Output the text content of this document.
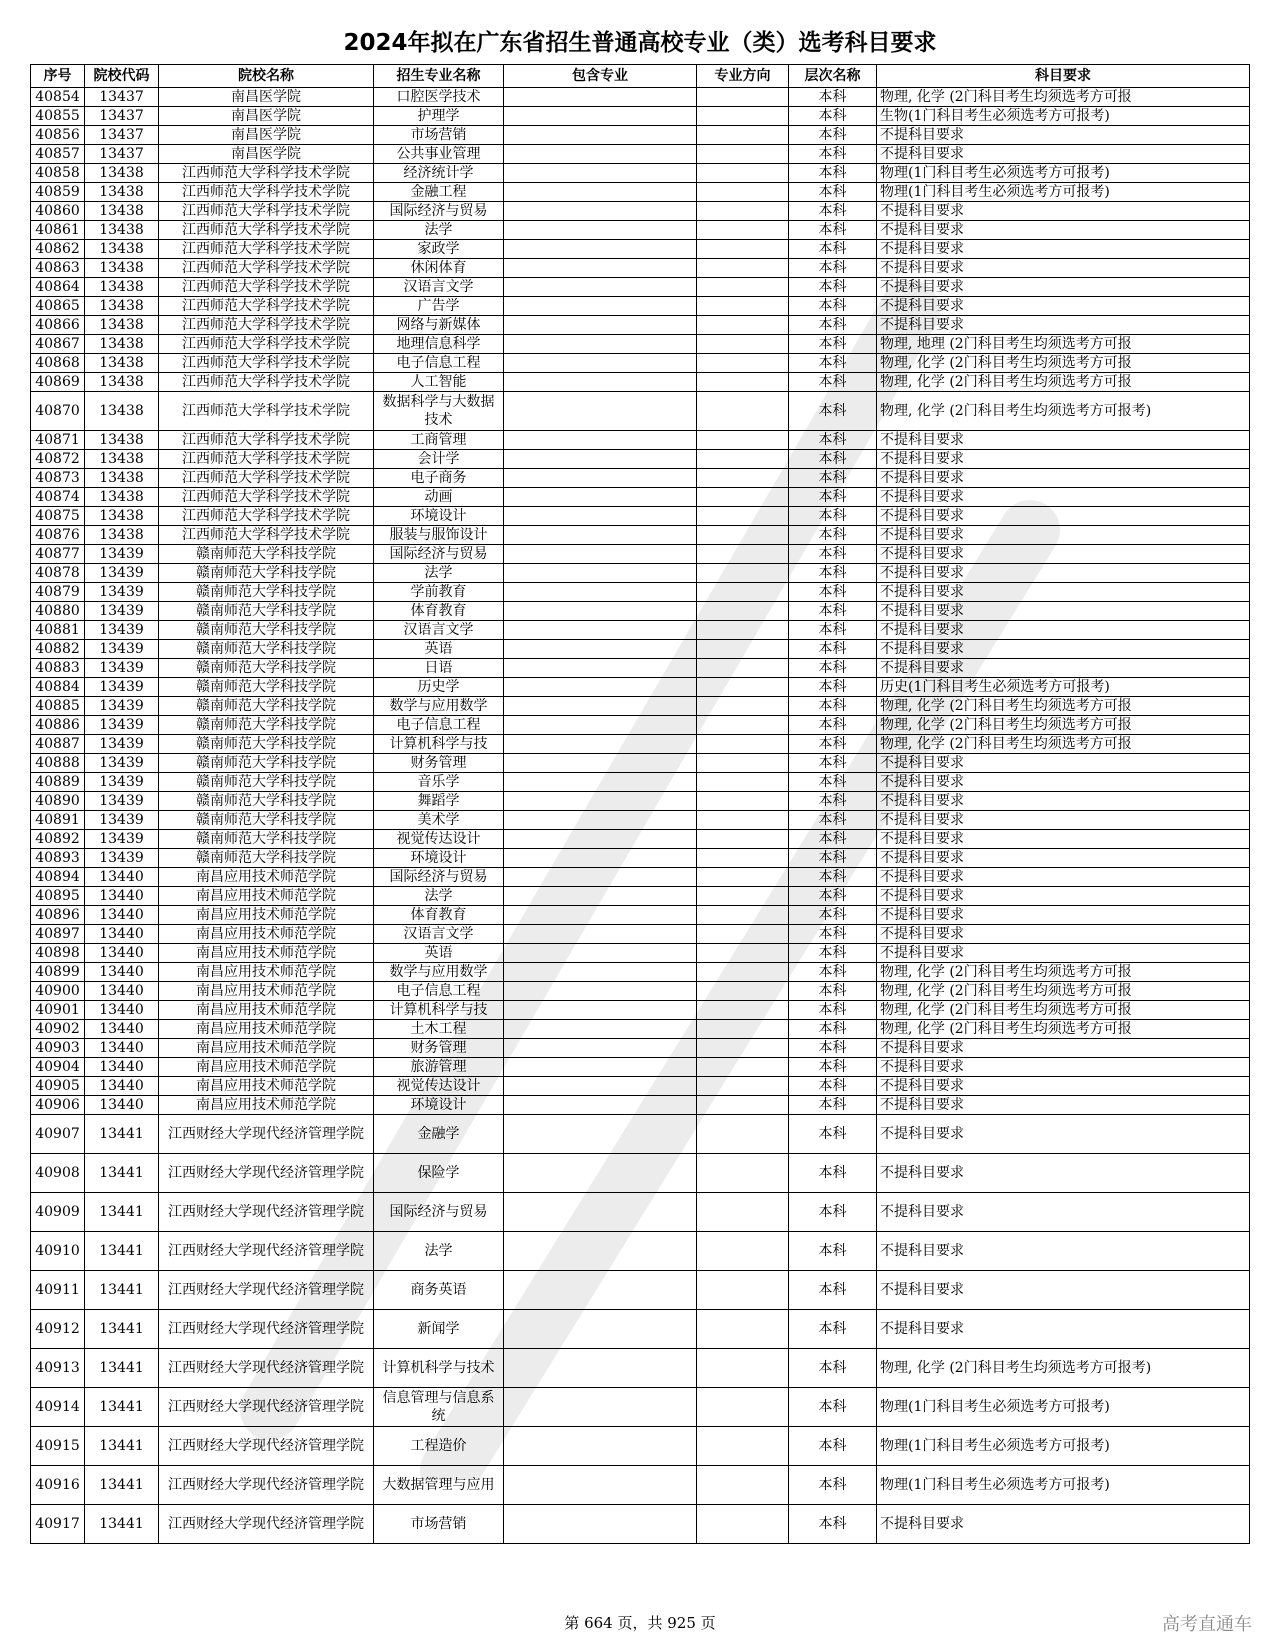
2024年拟在广东省招生普通高校专业（类）选考科目要求
序号	院校代码	院校名称	招生专业名称	包含专业	专业方向	层次名称	科目要求
40854	13437	南昌医学院	口腔医学技术			本科	物理, 化学 (2门科目考生均须选考方可报
40855	13437	南昌医学院	护理学			本科	生物(1门科目考生必须选考方可报考)
40856	13437	南昌医学院	市场营销			本科	不提科目要求
40857	13437	南昌医学院	公共事业管理			本科	不提科目要求
40858	13438	江西师范大学科学技术学院	经济统计学			本科	物理(1门科目考生必须选考方可报考)
40859	13438	江西师范大学科学技术学院	金融工程			本科	物理(1门科目考生必须选考方可报考)
40860	13438	江西师范大学科学技术学院	国际经济与贸易			本科	不提科目要求
40861	13438	江西师范大学科学技术学院	法学			本科	不提科目要求
40862	13438	江西师范大学科学技术学院	家政学			本科	不提科目要求
40863	13438	江西师范大学科学技术学院	休闲体育			本科	不提科目要求
40864	13438	江西师范大学科学技术学院	汉语言文学			本科	不提科目要求
40865	13438	江西师范大学科学技术学院	广告学			本科	不提科目要求
40866	13438	江西师范大学科学技术学院	网络与新媒体			本科	不提科目要求
40867	13438	江西师范大学科学技术学院	地理信息科学			本科	物理, 地理 (2门科目考生均须选考方可报
40868	13438	江西师范大学科学技术学院	电子信息工程			本科	物理, 化学 (2门科目考生均须选考方可报
40869	13438	江西师范大学科学技术学院	人工智能			本科	物理, 化学 (2门科目考生均须选考方可报
40870	13438	江西师范大学科学技术学院	数据科学与大数据技术			本科	物理, 化学 (2门科目考生均须选考方可报考)
40871	13438	江西师范大学科学技术学院	工商管理			本科	不提科目要求
40872	13438	江西师范大学科学技术学院	会计学			本科	不提科目要求
40873	13438	江西师范大学科学技术学院	电子商务			本科	不提科目要求
40874	13438	江西师范大学科学技术学院	动画			本科	不提科目要求
40875	13438	江西师范大学科学技术学院	环境设计			本科	不提科目要求
40876	13438	江西师范大学科学技术学院	服装与服饰设计			本科	不提科目要求
40877	13439	赣南师范大学科技学院	国际经济与贸易			本科	不提科目要求
40878	13439	赣南师范大学科技学院	法学			本科	不提科目要求
40879	13439	赣南师范大学科技学院	学前教育			本科	不提科目要求
40880	13439	赣南师范大学科技学院	体育教育			本科	不提科目要求
40881	13439	赣南师范大学科技学院	汉语言文学			本科	不提科目要求
40882	13439	赣南师范大学科技学院	英语			本科	不提科目要求
40883	13439	赣南师范大学科技学院	日语			本科	不提科目要求
40884	13439	赣南师范大学科技学院	历史学			本科	历史(1门科目考生必须选考方可报考)
40885	13439	赣南师范大学科技学院	数学与应用数学			本科	物理, 化学 (2门科目考生均须选考方可报
40886	13439	赣南师范大学科技学院	电子信息工程			本科	物理, 化学 (2门科目考生均须选考方可报
40887	13439	赣南师范大学科技学院	计算机科学与技			本科	物理, 化学 (2门科目考生均须选考方可报
40888	13439	赣南师范大学科技学院	财务管理			本科	不提科目要求
40889	13439	赣南师范大学科技学院	音乐学			本科	不提科目要求
40890	13439	赣南师范大学科技学院	舞蹈学			本科	不提科目要求
40891	13439	赣南师范大学科技学院	美术学			本科	不提科目要求
40892	13439	赣南师范大学科技学院	视觉传达设计			本科	不提科目要求
40893	13439	赣南师范大学科技学院	环境设计			本科	不提科目要求
40894	13440	南昌应用技术师范学院	国际经济与贸易			本科	不提科目要求
40895	13440	南昌应用技术师范学院	法学			本科	不提科目要求
40896	13440	南昌应用技术师范学院	体育教育			本科	不提科目要求
40897	13440	南昌应用技术师范学院	汉语言文学			本科	不提科目要求
40898	13440	南昌应用技术师范学院	英语			本科	不提科目要求
40899	13440	南昌应用技术师范学院	数学与应用数学			本科	物理, 化学 (2门科目考生均须选考方可报
40900	13440	南昌应用技术师范学院	电子信息工程			本科	物理, 化学 (2门科目考生均须选考方可报
40901	13440	南昌应用技术师范学院	计算机科学与技			本科	物理, 化学 (2门科目考生均须选考方可报
40902	13440	南昌应用技术师范学院	土木工程			本科	物理, 化学 (2门科目考生均须选考方可报
40903	13440	南昌应用技术师范学院	财务管理			本科	不提科目要求
40904	13440	南昌应用技术师范学院	旅游管理			本科	不提科目要求
40905	13440	南昌应用技术师范学院	视觉传达设计			本科	不提科目要求
40906	13440	南昌应用技术师范学院	环境设计			本科	不提科目要求
40907	13441	江西财经大学现代经济管理学院	金融学			本科	不提科目要求
40908	13441	江西财经大学现代经济管理学院	保险学			本科	不提科目要求
40909	13441	江西财经大学现代经济管理学院	国际经济与贸易			本科	不提科目要求
40910	13441	江西财经大学现代经济管理学院	法学			本科	不提科目要求
40911	13441	江西财经大学现代经济管理学院	商务英语			本科	不提科目要求
40912	13441	江西财经大学现代经济管理学院	新闻学			本科	不提科目要求
40913	13441	江西财经大学现代经济管理学院	计算机科学与技术			本科	物理, 化学 (2门科目考生均须选考方可报考)
40914	13441	江西财经大学现代经济管理学院	信息管理与信息系统			本科	物理(1门科目考生必须选考方可报考)
40915	13441	江西财经大学现代经济管理学院	工程造价			本科	物理(1门科目考生必须选考方可报考)
40916	13441	江西财经大学现代经济管理学院	大数据管理与应用			本科	物理(1门科目考生必须选考方可报考)
40917	13441	江西财经大学现代经济管理学院	市场营销			本科	不提科目要求
第 664 页，共 925 页	高考直通车
